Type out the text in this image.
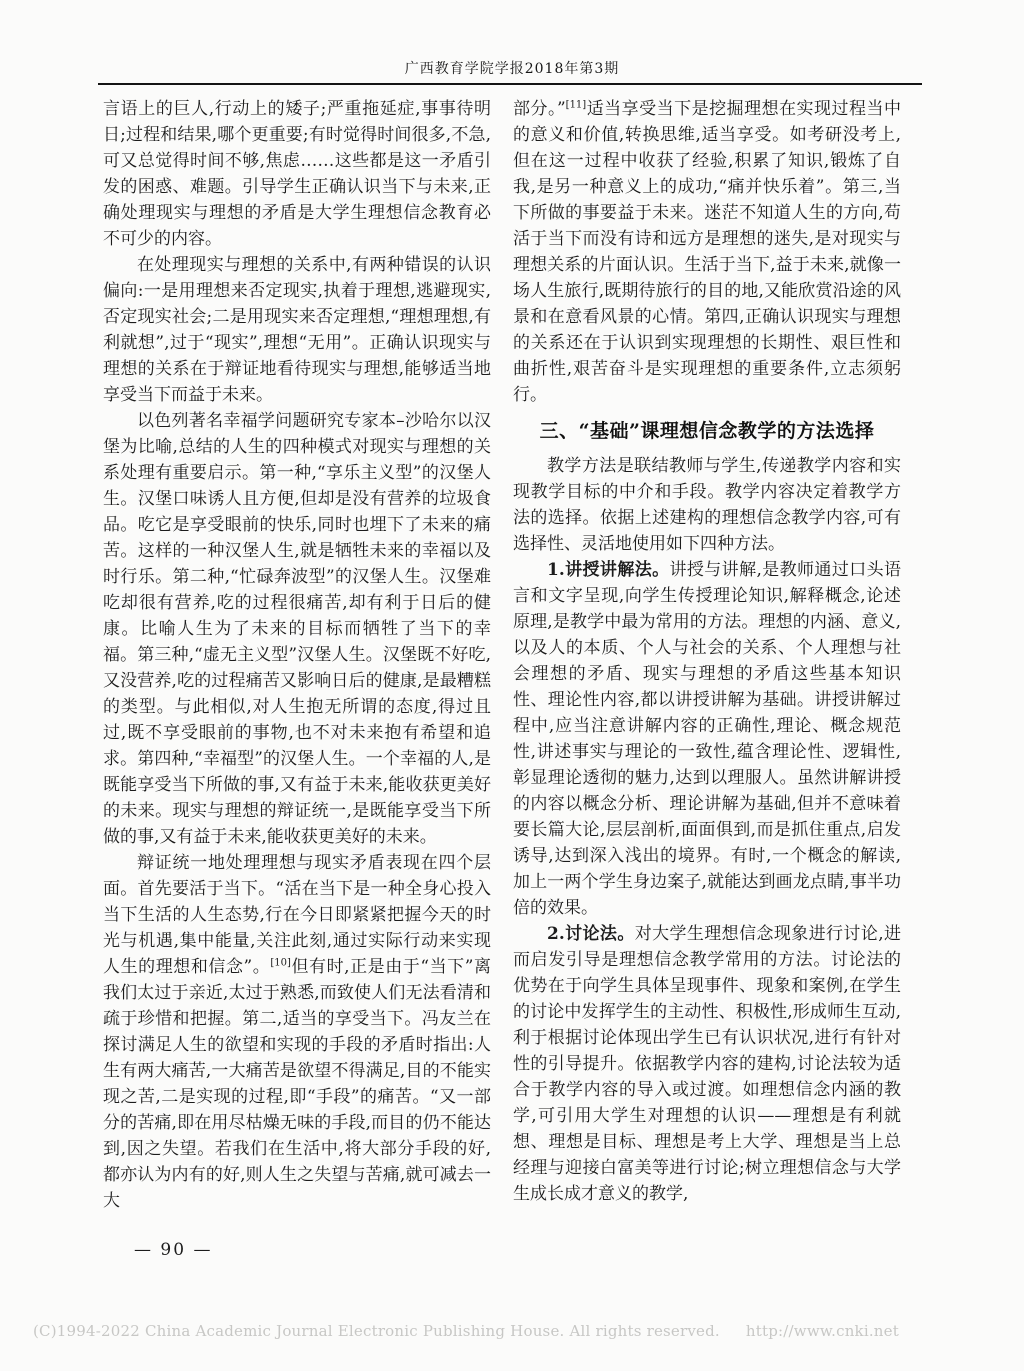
广西教育学院学报2018年第3期

言语上的巨人,行动上的矮子;严重拖延症,事事待明日;过程和结果,哪个更重要;有时觉得时间很多,不急,可又总觉得时间不够,焦虑……这些都是这一矛盾引发的困惑、难题。引导学生正确认识当下与未来,正确处理现实与理想的矛盾是大学生理想信念教育必不可少的内容。

在处理现实与理想的关系中,有两种错误的认识偏向:一是用理想来否定现实,执着于理想,逃避现实,否定现实社会;二是用现实来否定理想,“理想理想,有利就想”,过于“现实”,理想“无用”。正确认识现实与理想的关系在于辩证地看待现实与理想,能够适当地享受当下而益于未来。

以色列著名幸福学问题研究专家本–沙哈尔以汉堡为比喻,总结的人生的四种模式对现实与理想的关系处理有重要启示。第一种,“享乐主义型”的汉堡人生。汉堡口味诱人且方便,但却是没有营养的垃圾食品。吃它是享受眼前的快乐,同时也埋下了未来的痛苦。这样的一种汉堡人生,就是牺牲未来的幸福以及时行乐。第二种,“忙碌奔波型”的汉堡人生。汉堡难吃却很有营养,吃的过程很痛苦,却有利于日后的健康。比喻人生为了未来的目标而牺牲了当下的幸福。第三种,“虚无主义型”汉堡人生。汉堡既不好吃,又没营养,吃的过程痛苦又影响日后的健康,是最糟糕的类型。与此相似,对人生抱无所谓的态度,得过且过,既不享受眼前的事物,也不对未来抱有希望和追求。第四种,“幸福型”的汉堡人生。一个幸福的人,是既能享受当下所做的事,又有益于未来,能收获更美好的未来。现实与理想的辩证统一,是既能享受当下所做的事,又有益于未来,能收获更美好的未来。

辩证统一地处理理想与现实矛盾表现在四个层面。首先要活于当下。“活在当下是一种全身心投入当下生活的人生态势,行在今日即紧紧把握今天的时光与机遇,集中能量,关注此刻,通过实际行动来实现人生的理想和信念”。[10]但有时,正是由于“当下”离我们太过于亲近,太过于熟悉,而致使人们无法看清和疏于珍惜和把握。第二,适当的享受当下。冯友兰在探讨满足人生的欲望和实现的手段的矛盾时指出:人生有两大痛苦,一大痛苦是欲望不得满足,目的不能实现之苦,二是实现的过程,即“手段”的痛苦。“又一部分的苦痛,即在用尽枯燥无味的手段,而目的仍不能达到,因之失望。若我们在生活中,将大部分手段的好,都亦认为内有的好,则人生之失望与苦痛,就可减去一大

部分。”[11]适当享受当下是挖掘理想在实现过程当中的意义和价值,转换思维,适当享受。如考研没考上,但在这一过程中收获了经验,积累了知识,锻炼了自我,是另一种意义上的成功,“痛并快乐着”。第三,当下所做的事要益于未来。迷茫不知道人生的方向,苟活于当下而没有诗和远方是理想的迷失,是对现实与理想关系的片面认识。生活于当下,益于未来,就像一场人生旅行,既期待旅行的目的地,又能欣赏沿途的风景和在意看风景的心情。第四,正确认识现实与理想的关系还在于认识到实现理想的长期性、艰巨性和曲折性,艰苦奋斗是实现理想的重要条件,立志须躬行。

三、“基础”课理想信念教学的方法选择

教学方法是联结教师与学生,传递教学内容和实现教学目标的中介和手段。教学内容决定着教学方法的选择。依据上述建构的理想信念教学内容,可有选择性、灵活地使用如下四种方法。

1.讲授讲解法。讲授与讲解,是教师通过口头语言和文字呈现,向学生传授理论知识,解释概念,论述原理,是教学中最为常用的方法。理想的内涵、意义,以及人的本质、个人与社会的关系、个人理想与社会理想的矛盾、现实与理想的矛盾这些基本知识性、理论性内容,都以讲授讲解为基础。讲授讲解过程中,应当注意讲解内容的正确性,理论、概念规范性,讲述事实与理论的一致性,蕴含理论性、逻辑性,彰显理论透彻的魅力,达到以理服人。虽然讲解讲授的内容以概念分析、理论讲解为基础,但并不意味着要长篇大论,层层剖析,面面俱到,而是抓住重点,启发诱导,达到深入浅出的境界。有时,一个概念的解读,加上一两个学生身边案子,就能达到画龙点睛,事半功倍的效果。

2.讨论法。对大学生理想信念现象进行讨论,进而启发引导是理想信念教学常用的方法。讨论法的优势在于向学生具体呈现事件、现象和案例,在学生的讨论中发挥学生的主动性、积极性,形成师生互动,利于根据讨论体现出学生已有认识状况,进行有针对性的引导提升。依据教学内容的建构,讨论法较为适合于教学内容的导入或过渡。如理想信念内涵的教学,可引用大学生对理想的认识——理想是有利就想、理想是目标、理想是考上大学、理想是当上总经理与迎接白富美等进行讨论;树立理想信念与大学生成长成才意义的教学,

— 90 —
(C)1994-2022 China Academic Journal Electronic Publishing House. All rights reserved. http://www.cnki.net
